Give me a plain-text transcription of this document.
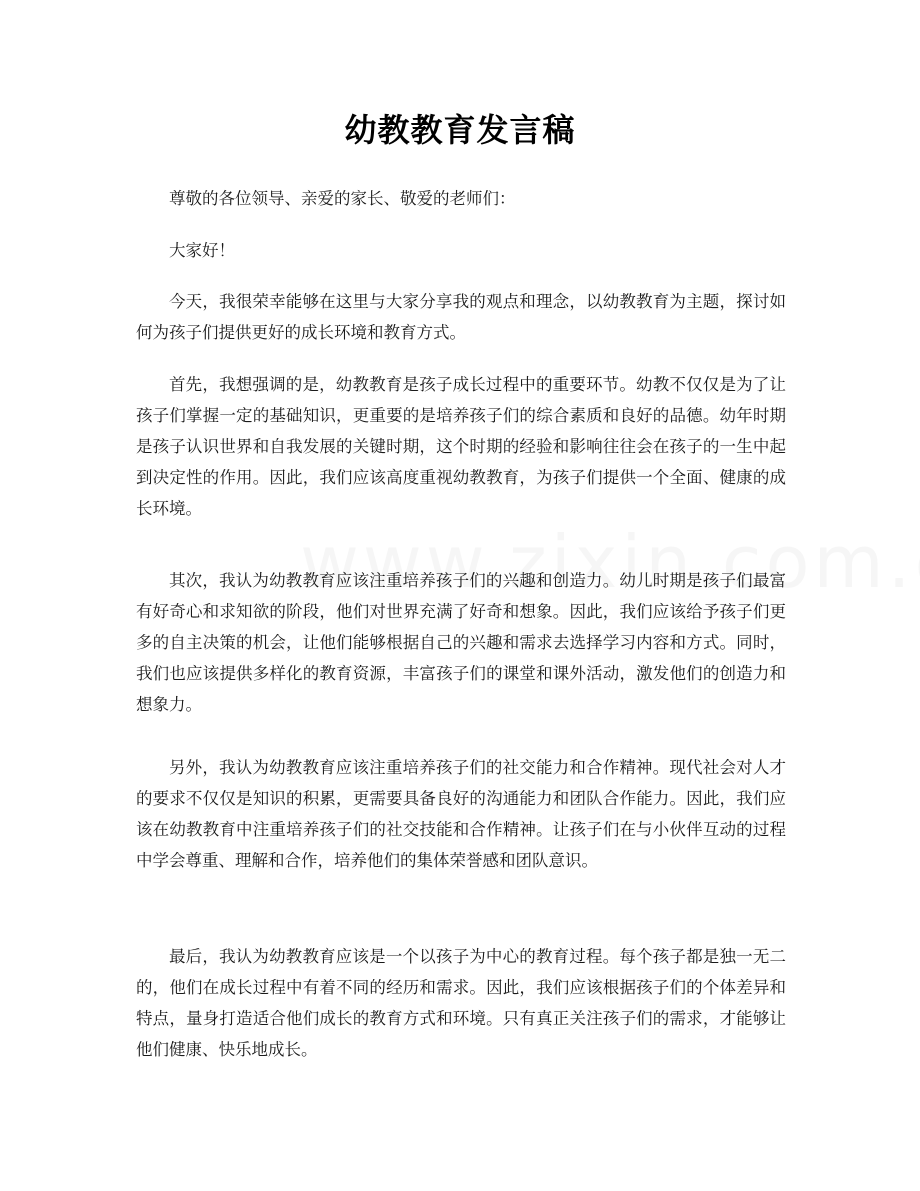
幼教教育发言稿

尊敬的各位领导、亲爱的家长、敬爱的老师们：

大家好！

今天，我很荣幸能够在这里与大家分享我的观点和理念，以幼教教育为主题，探讨如何为孩子们提供更好的成长环境和教育方式。

首先，我想强调的是，幼教教育是孩子成长过程中的重要环节。幼教不仅仅是为了让孩子们掌握一定的基础知识，更重要的是培养孩子们的综合素质和良好的品德。幼年时期是孩子认识世界和自我发展的关键时期，这个时期的经验和影响往往会在孩子的一生中起到决定性的作用。因此，我们应该高度重视幼教教育，为孩子们提供一个全面、健康的成长环境。

其次，我认为幼教教育应该注重培养孩子们的兴趣和创造力。幼儿时期是孩子们最富有好奇心和求知欲的阶段，他们对世界充满了好奇和想象。因此，我们应该给予孩子们更多的自主决策的机会，让他们能够根据自己的兴趣和需求去选择学习内容和方式。同时，我们也应该提供多样化的教育资源，丰富孩子们的课堂和课外活动，激发他们的创造力和想象力。

另外，我认为幼教教育应该注重培养孩子们的社交能力和合作精神。现代社会对人才的要求不仅仅是知识的积累，更需要具备良好的沟通能力和团队合作能力。因此，我们应该在幼教教育中注重培养孩子们的社交技能和合作精神。让孩子们在与小伙伴互动的过程中学会尊重、理解和合作，培养他们的集体荣誉感和团队意识。

最后，我认为幼教教育应该是一个以孩子为中心的教育过程。每个孩子都是独一无二的，他们在成长过程中有着不同的经历和需求。因此，我们应该根据孩子们的个体差异和特点，量身打造适合他们成长的教育方式和环境。只有真正关注孩子们的需求，才能够让他们健康、快乐地成长。
